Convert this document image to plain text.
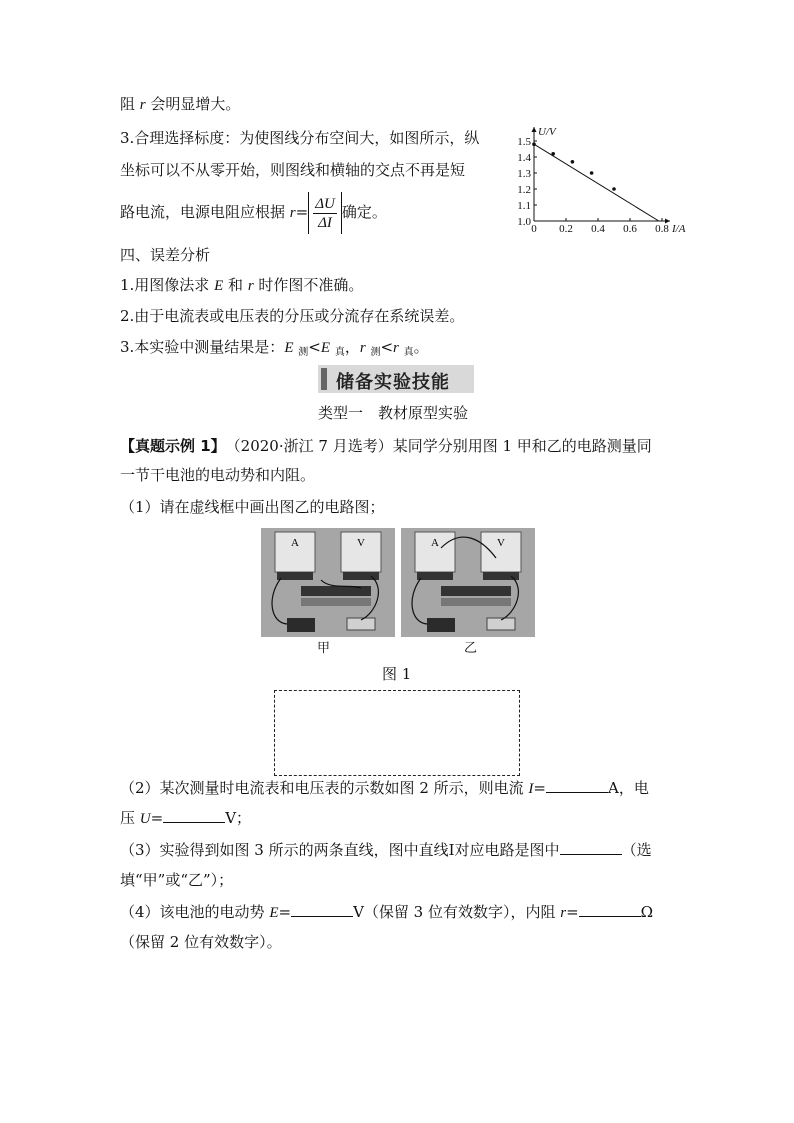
阻 r 会明显增大。
3.合理选择标度：为使图线分布空间大，如图所示，纵
坐标可以不从零开始，则图线和横轴的交点不再是短
路电流，电源电阻应根据 $r= \frac{\Delta U}{\Delta I}$ 确定。
0 0.2 0.4 0.6 0.8
1.0
1.1
1.2
1.3
1.4
1.5
U/V
I/A
四、误差分析
1.用图像法求 E 和 r 时作图不准确。
2.由于电流表或电压表的分压或分流存在系统误差。
3.本实验中测量结果是：E $_测$<E $_真$，r $_测$<r $_真$。
储备实验技能
类型一　教材原型实验
【真题示例 1】　（2020·浙江 7 月选考）某同学分别用图 1 甲和乙的电路测量同
一节干电池的电动势和内阻。
（1）请在虚线框中画出图乙的电路图；
A	V	A	V
甲	乙
图 1
（2）某次测量时电流表和电压表的示数如图 2 所示，则电流 I=	A，电
压 U=	V；
（3）实验得到如图 3 所示的两条直线，图中直线Ⅰ对应电路是图中	（选
填“甲”或“乙”）；
（4）该电池的电动势 E=	V（保留 3 位有效数字），内阻 r=	Ω
（保留 2 位有效数字）。
